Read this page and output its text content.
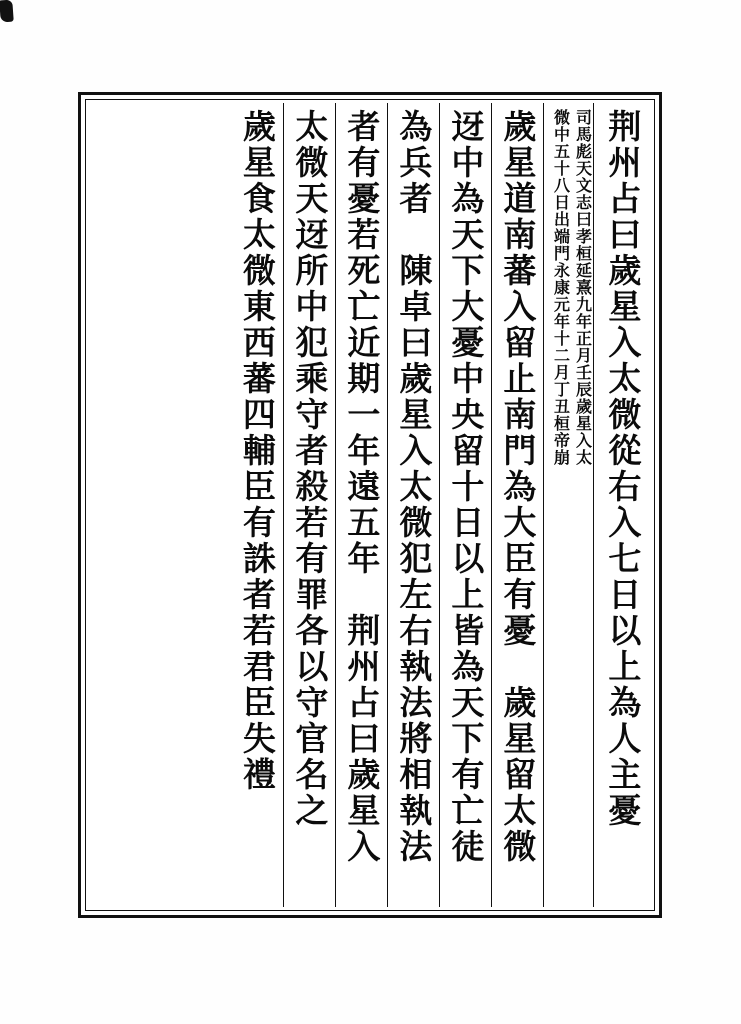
荆州占曰歲星入太微從右入七日以上為人主憂
司馬彪天文志曰孝桓延熹九年正月壬辰歲星入太
微中五十八日出端門永康元年十二月丁丑桓帝崩
歲星道南蕃入留止南門為大臣有憂　歲星留太微
迓中為天下大憂中央留十日以上皆為天下有亡徒
為兵者　陳卓曰歲星入太微犯左右執法將相執法
者有憂若死亡近期一年遠五年　荆州占曰歲星入
太微天迓所中犯乘守者殺若有罪各以守官名之
歲星食太微東西蕃四輔臣有誅者若君臣失禮
